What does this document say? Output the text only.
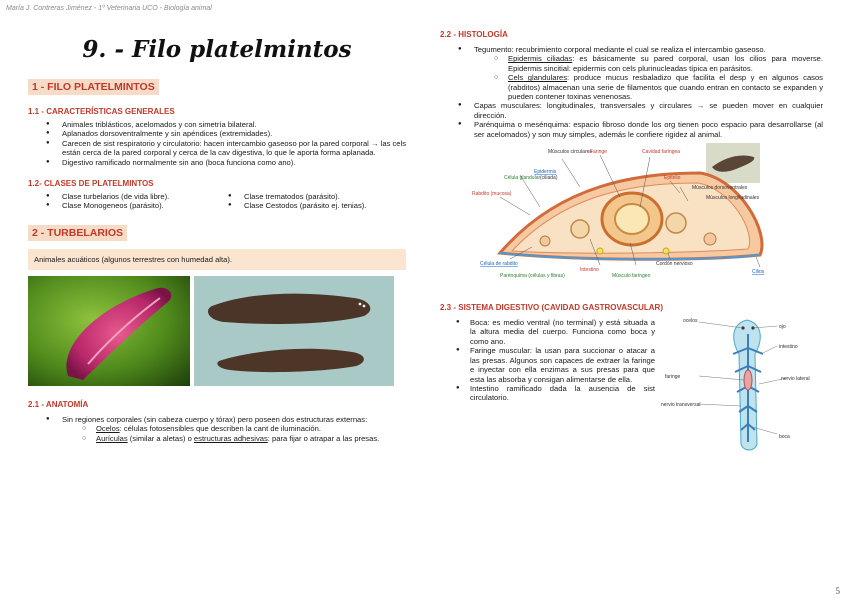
María J. Contreras Jiménez - 1º Veterinaria UCO - Biología animal
9. - Filo platelmintos
1 - FILO PLATELMINTOS
1.1 - CARACTERÍSTICAS GENERALES
● Animales triblásticos, acelomados y con simetría bilateral.
● Aplanados dorsoventralmente y sin apéndices (extremidades).
● Carecen de sist respiratorio y circulatorio: hacen intercambio gaseoso por la pared corporal → las cels están cerca de la pared corporal y cerca de la cav digestiva, lo que le aporta forma aplanada.
● Digestivo ramificado normalmente sin ano (boca funciona como ano).
1.2- CLASES DE PLATELMINTOS
● Clase turbelarios (de vida libre).
● Clase Monogeneos (parásito).
● Clase trematodos (parásito).
● Clase Cestodos (parásito ej. tenias).
2 - TURBELARIOS
Animales acuáticos (algunos terrestres con humedad alta).
2.1 - ANATOMÍA
● Sin regiones corporales (sin cabeza cuerpo y tórax) pero poseen dos estructuras externas:
○ Ocelos: células fotosensibles que describen la cant de iluminación.
○ Aurículas (similar a aletas) o estructuras adhesivas: para fijar o atrapar a las presas.
2.2 - HISTOLOGÍA
● Tegumento: recubrimiento corporal mediante el cual se realiza el intercambio gaseoso.
○ Epidermis ciliadas: es básicamente su pared corporal, usan los cilios para moverse. Epidermis sincitial: epidermis con cels plurinucleadas típica en parásitos.
○ Cels glandulares: produce mucus resbaladizo que facilita el desp y en algunos casos (rabditos) almacenan una serie de filamentos que cuando entran en contacto se expanden y pueden contener toxinas venenosas.
● Capas musculares: longitudinales, transversales y circulares → se pueden mover en cualquier dirección.
● Parénquima o mesénquima: espacio fibroso donde los org tienen poco espacio para desarrollarse (al ser acelomados) y son muy simples, además le confiere rigidez al animal.
Músculos circulares
Faringe	Cavidad faríngea
Epidermis
(ciliada)
Célula glandular
Rabdito (mucosa)
Epitelio
Músculos dorsoventrales
Músculos longitudinales
Célula de rabdito
Intestino
Cordón nervioso
Parénquima (células y fibras)	Músculo faríngeo
Cilios
2.3 - SISTEMA DIGESTIVO (CAVIDAD GASTROVASCULAR)
● Boca: es medio ventral (no terminal) y está situada a la altura media del cuerpo. Funciona como boca y como ano.
● Faringe muscular: la usan para succionar o atacar a las presas. Algunos son capaces de extraer la faringe e inyectar con ella enzimas a sus presas para que esta las absorba y consigan alimentarse de ella.
● Intestino ramificado dada la ausencia de sist circulatorio.
ocelos
ojo
intestino
faringe	nervio lateral
nervio transversal
boca
5
